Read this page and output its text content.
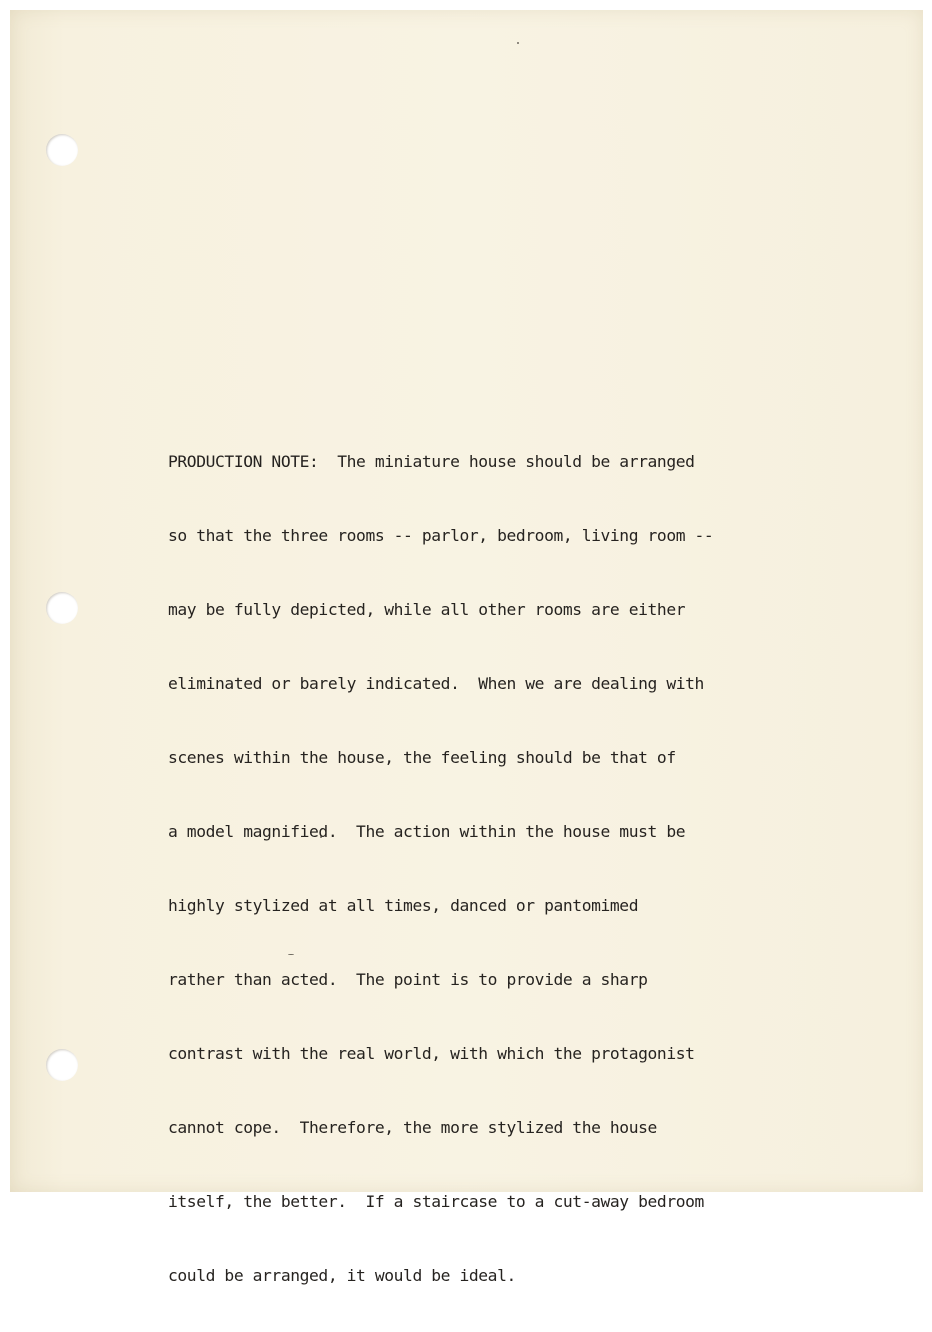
PRODUCTION NOTE:  The miniature house should be arranged

so that the three rooms -- parlor, bedroom, living room --

may be fully depicted, while all other rooms are either

eliminated or barely indicated.  When we are dealing with

scenes within the house, the feeling should be that of

a model magnified.  The action within the house must be

highly stylized at all times, danced or pantomimed

rather than acted.  The point is to provide a sharp

contrast with the real world, with which the protagonist

cannot cope.  Therefore, the more stylized the house

itself, the better.  If a staircase to a cut-away bedroom

could be arranged, it would be ideal.
